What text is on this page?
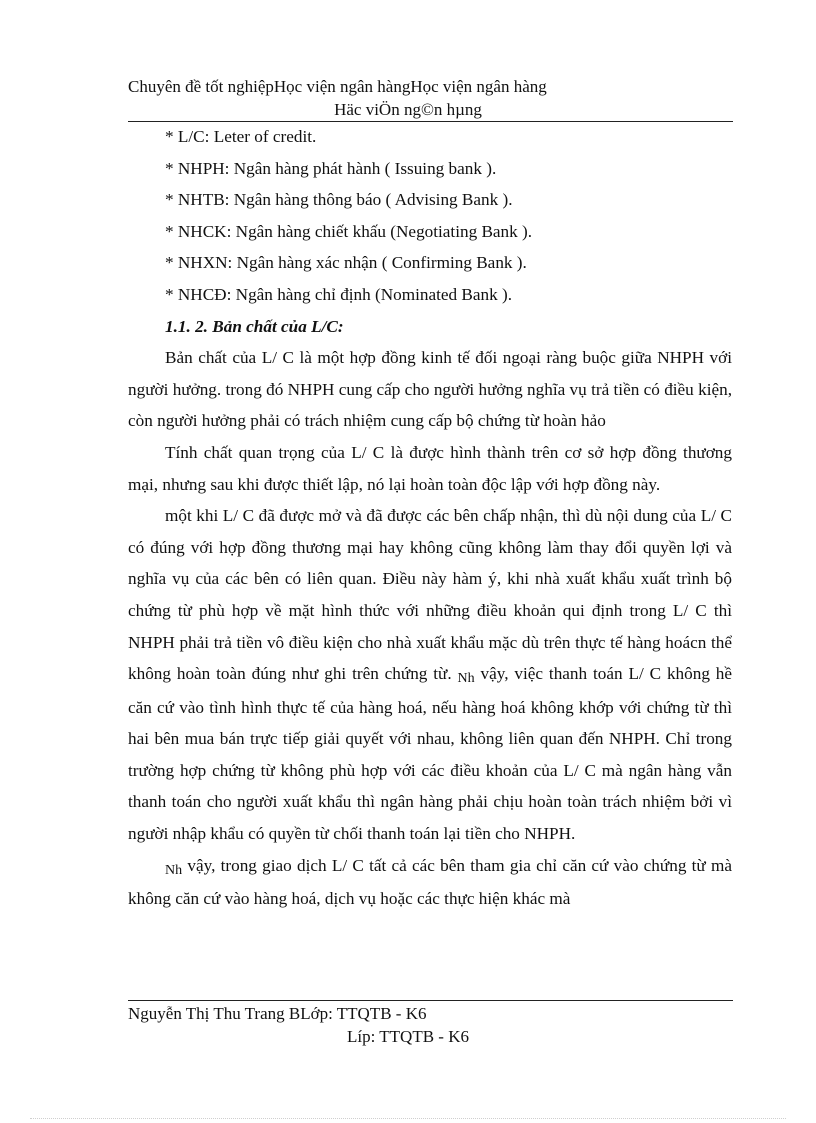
Chuyên đề tốt nghiệpHọc viện ngân hàngHọc viện ngân hàng
Häc viÖn ng©n hµng
* L/C: Leter of credit.
* NHPH: Ngân hàng phát hành ( Issuing bank ).
* NHTB: Ngân hàng thông báo ( Advising Bank ).
* NHCK: Ngân hàng chiết khấu (Negotiating Bank ).
* NHXN: Ngân hàng xác nhận ( Confirming Bank ).
* NHCĐ: Ngân hàng chỉ định (Nominated Bank ).
1.1. 2. Bản chất của L/C:

Bản chất của L/ C là một hợp đồng kinh tế đối ngoại ràng buộc giữa NHPH với người hưởng. trong đó NHPH cung cấp cho người hưởng nghĩa vụ trả tiền có điều kiện, còn người hưởng phải có trách nhiệm cung cấp bộ chứng từ hoàn hảo

Tính chất quan trọng của L/ C là được hình thành trên cơ sở hợp đồng thương mại, nhưng sau khi được thiết lập, nó lại hoàn toàn độc lập với hợp đồng này.

một khi L/ C đã được mở và đã được các bên chấp nhận, thì dù nội dung của L/ C có đúng với hợp đồng thương mại hay không cũng không làm thay đổi quyền lợi và nghĩa vụ của các bên có liên quan. Điều này hàm ý, khi nhà xuất khẩu xuất trình bộ chứng từ phù hợp về mặt hình thức với những điều khoản qui định trong L/ C thì NHPH phải trả tiền vô điều kiện cho nhà xuất khẩu mặc dù trên thực tế hàng hoácn thể không hoàn toàn đúng như ghi trên chứng từ. Nh vậy, việc thanh toán L/ C không hề căn cứ vào tình hình thực tế của hàng hoá, nếu hàng hoá không khớp với chứng từ thì hai bên mua bán trực tiếp giải quyết với nhau, không liên quan đến NHPH. Chỉ trong trường hợp chứng từ không phù hợp với các điều khoản của L/ C mà ngân hàng vẫn thanh toán cho người xuất khẩu thì ngân hàng phải chịu hoàn toàn trách nhiệm bởi vì người nhập khẩu có quyền từ chối thanh toán lại tiền cho NHPH.

Nh vậy, trong giao dịch L/ C tất cả các bên tham gia chỉ căn cứ vào chứng từ mà không căn cứ vào hàng hoá, dịch vụ hoặc các thực hiện khác mà

Nguyễn Thị Thu Trang BLớp: TTQTB - K6
Líp: TTQTB - K6
